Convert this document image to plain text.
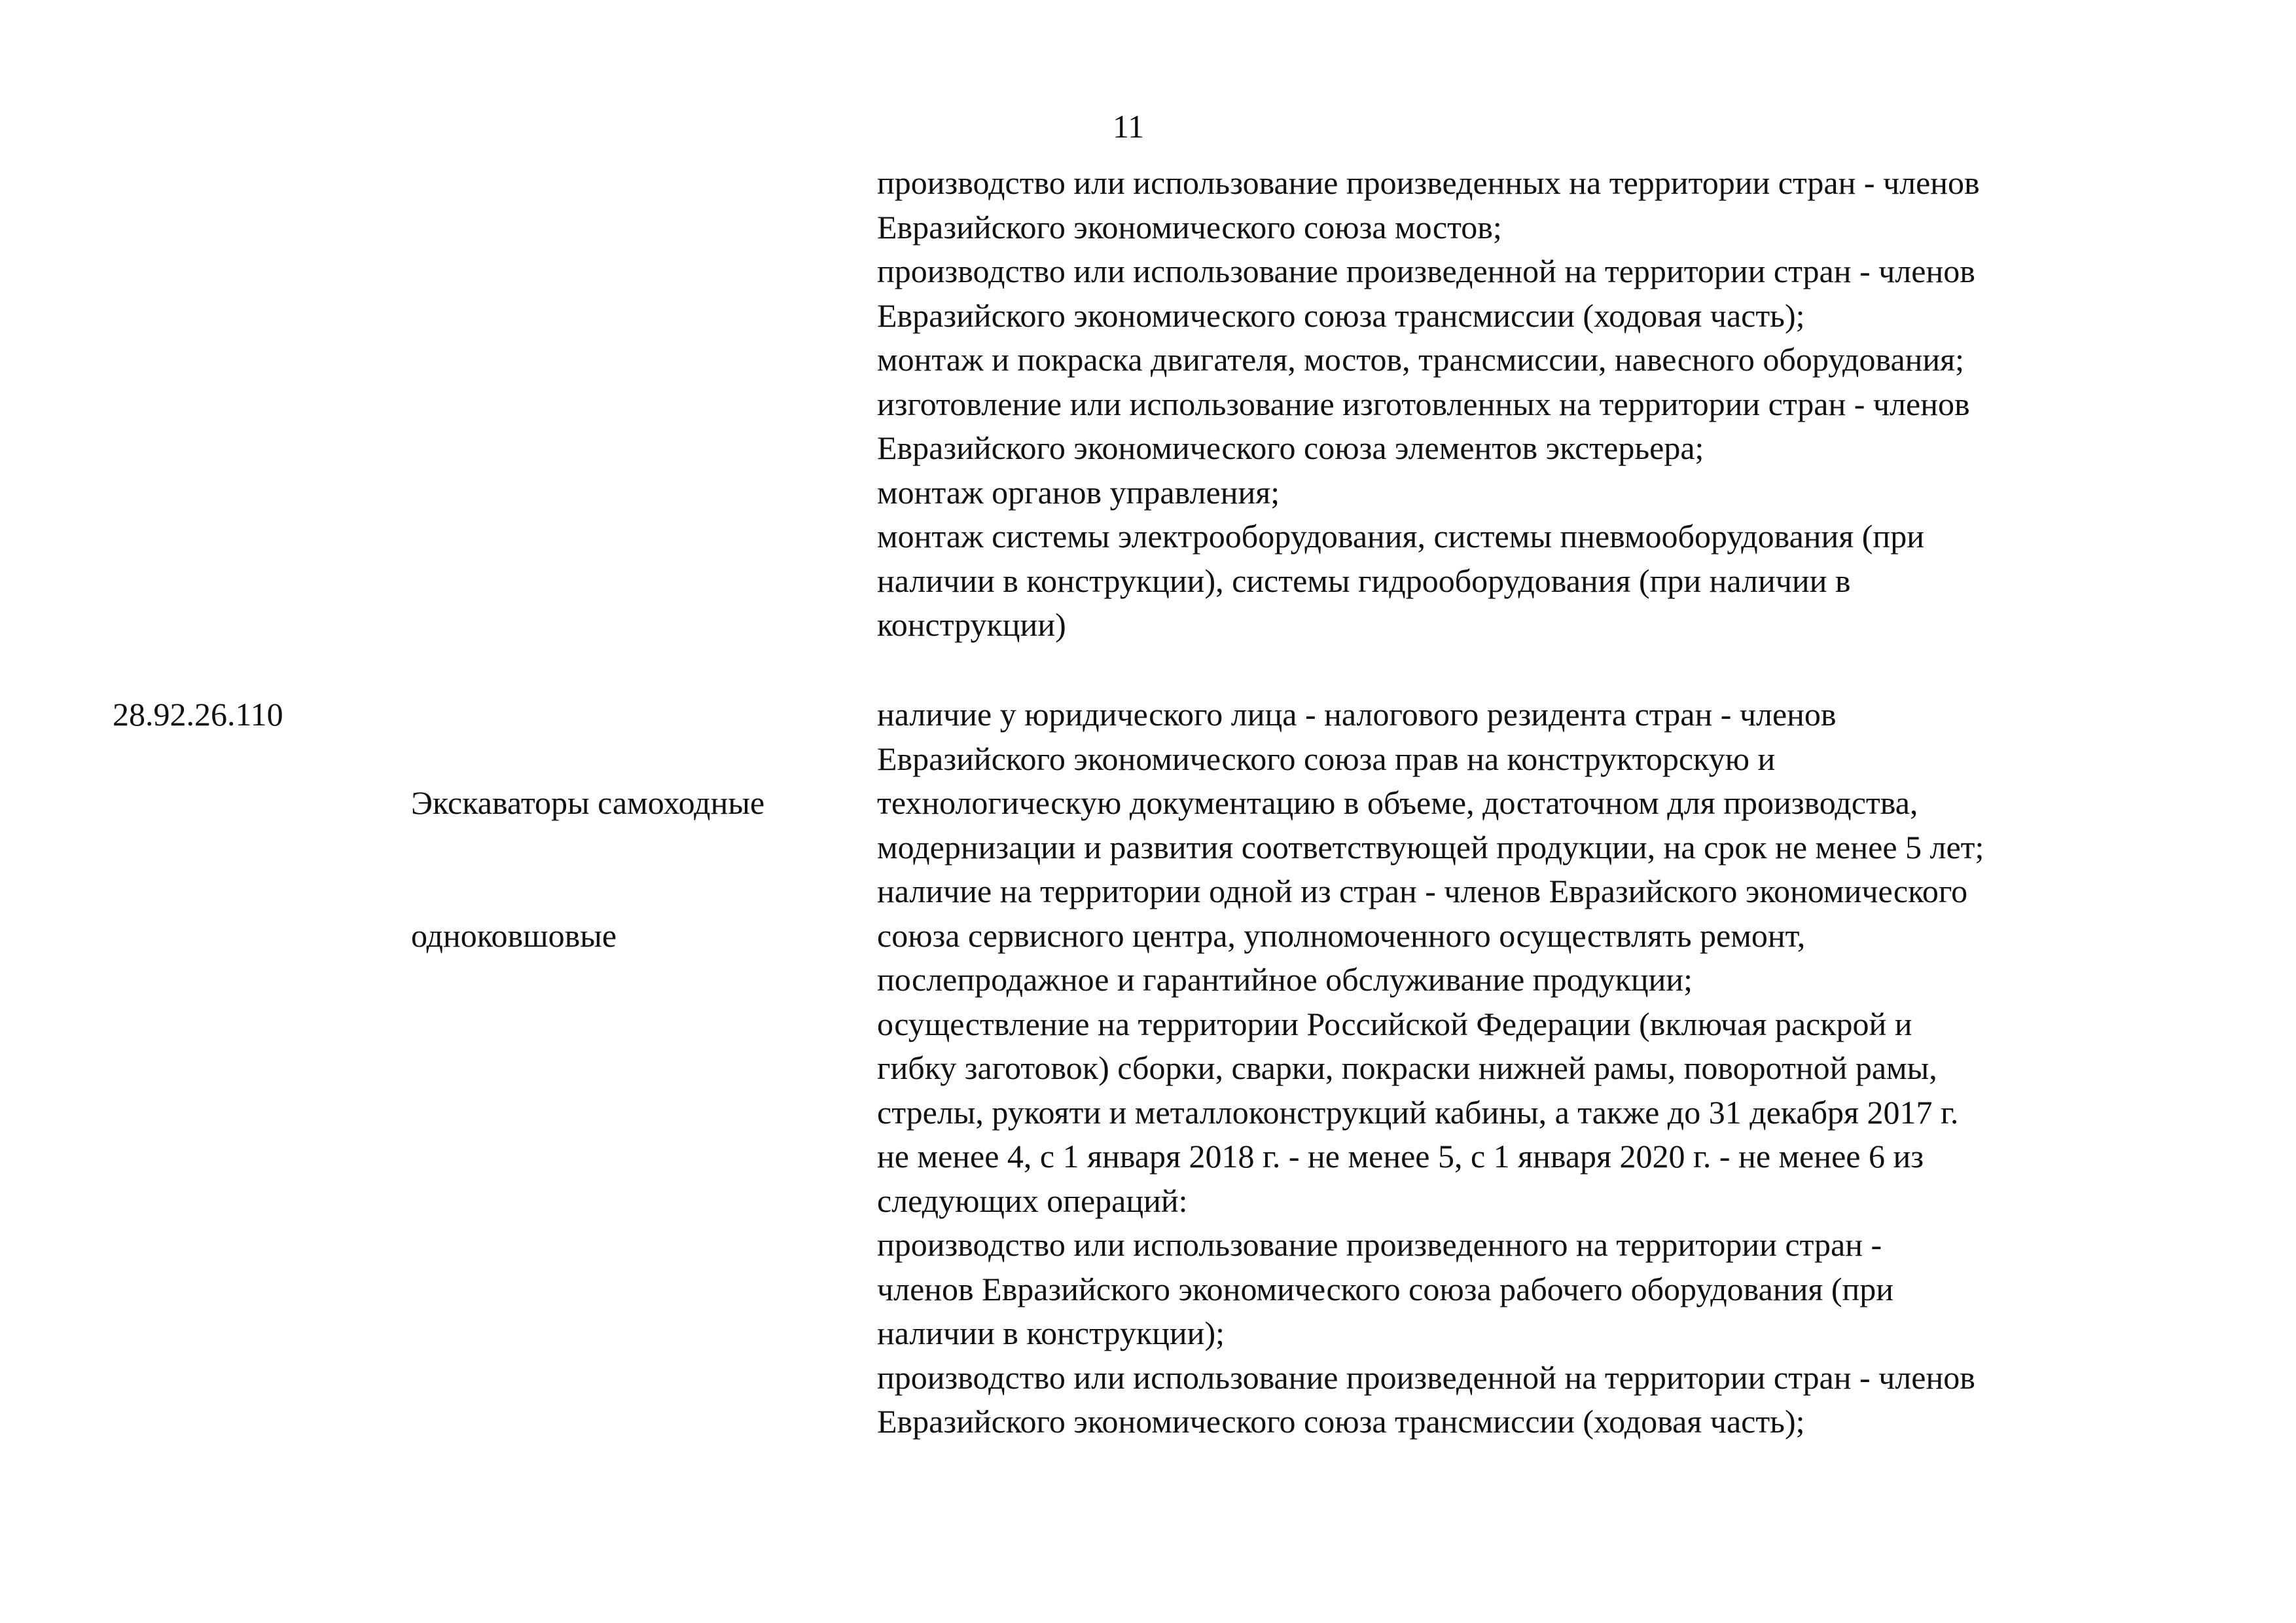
11
производство или использование произведенных на территории стран - членов
Евразийского экономического союза мостов;
производство или использование произведенной на территории стран - членов
Евразийского экономического союза трансмиссии (ходовая часть);
монтаж и покраска двигателя, мостов, трансмиссии, навесного оборудования;
изготовление или использование изготовленных на территории стран - членов
Евразийского экономического союза элементов экстерьера;
монтаж органов управления;
монтаж системы электрооборудования, системы пневмооборудования (при
наличии в конструкции), системы гидрооборудования (при наличии в
конструкции)
28.92.26.110

Экскаваторы самоходные

одноковшовые

наличие у юридического лица - налогового резидента стран - членов
Евразийского экономического союза прав на конструкторскую и
технологическую документацию в объеме, достаточном для производства,
модернизации и развития соответствующей продукции, на срок не менее 5 лет;
наличие на территории одной из стран - членов Евразийского экономического
союза сервисного центра, уполномоченного осуществлять ремонт,
послепродажное и гарантийное обслуживание продукции;
осуществление на территории Российской Федерации (включая раскрой и
гибку заготовок) сборки, сварки, покраски нижней рамы, поворотной рамы,
стрелы, рукояти и металлоконструкций кабины, а также до 31 декабря 2017 г.
не менее 4, с 1 января 2018 г. - не менее 5, с 1 января 2020 г. - не менее 6 из
следующих операций:
производство или использование произведенного на территории стран -
членов Евразийского экономического союза рабочего оборудования (при
наличии в конструкции);
производство или использование произведенной на территории стран - членов
Евразийского экономического союза трансмиссии (ходовая часть);
